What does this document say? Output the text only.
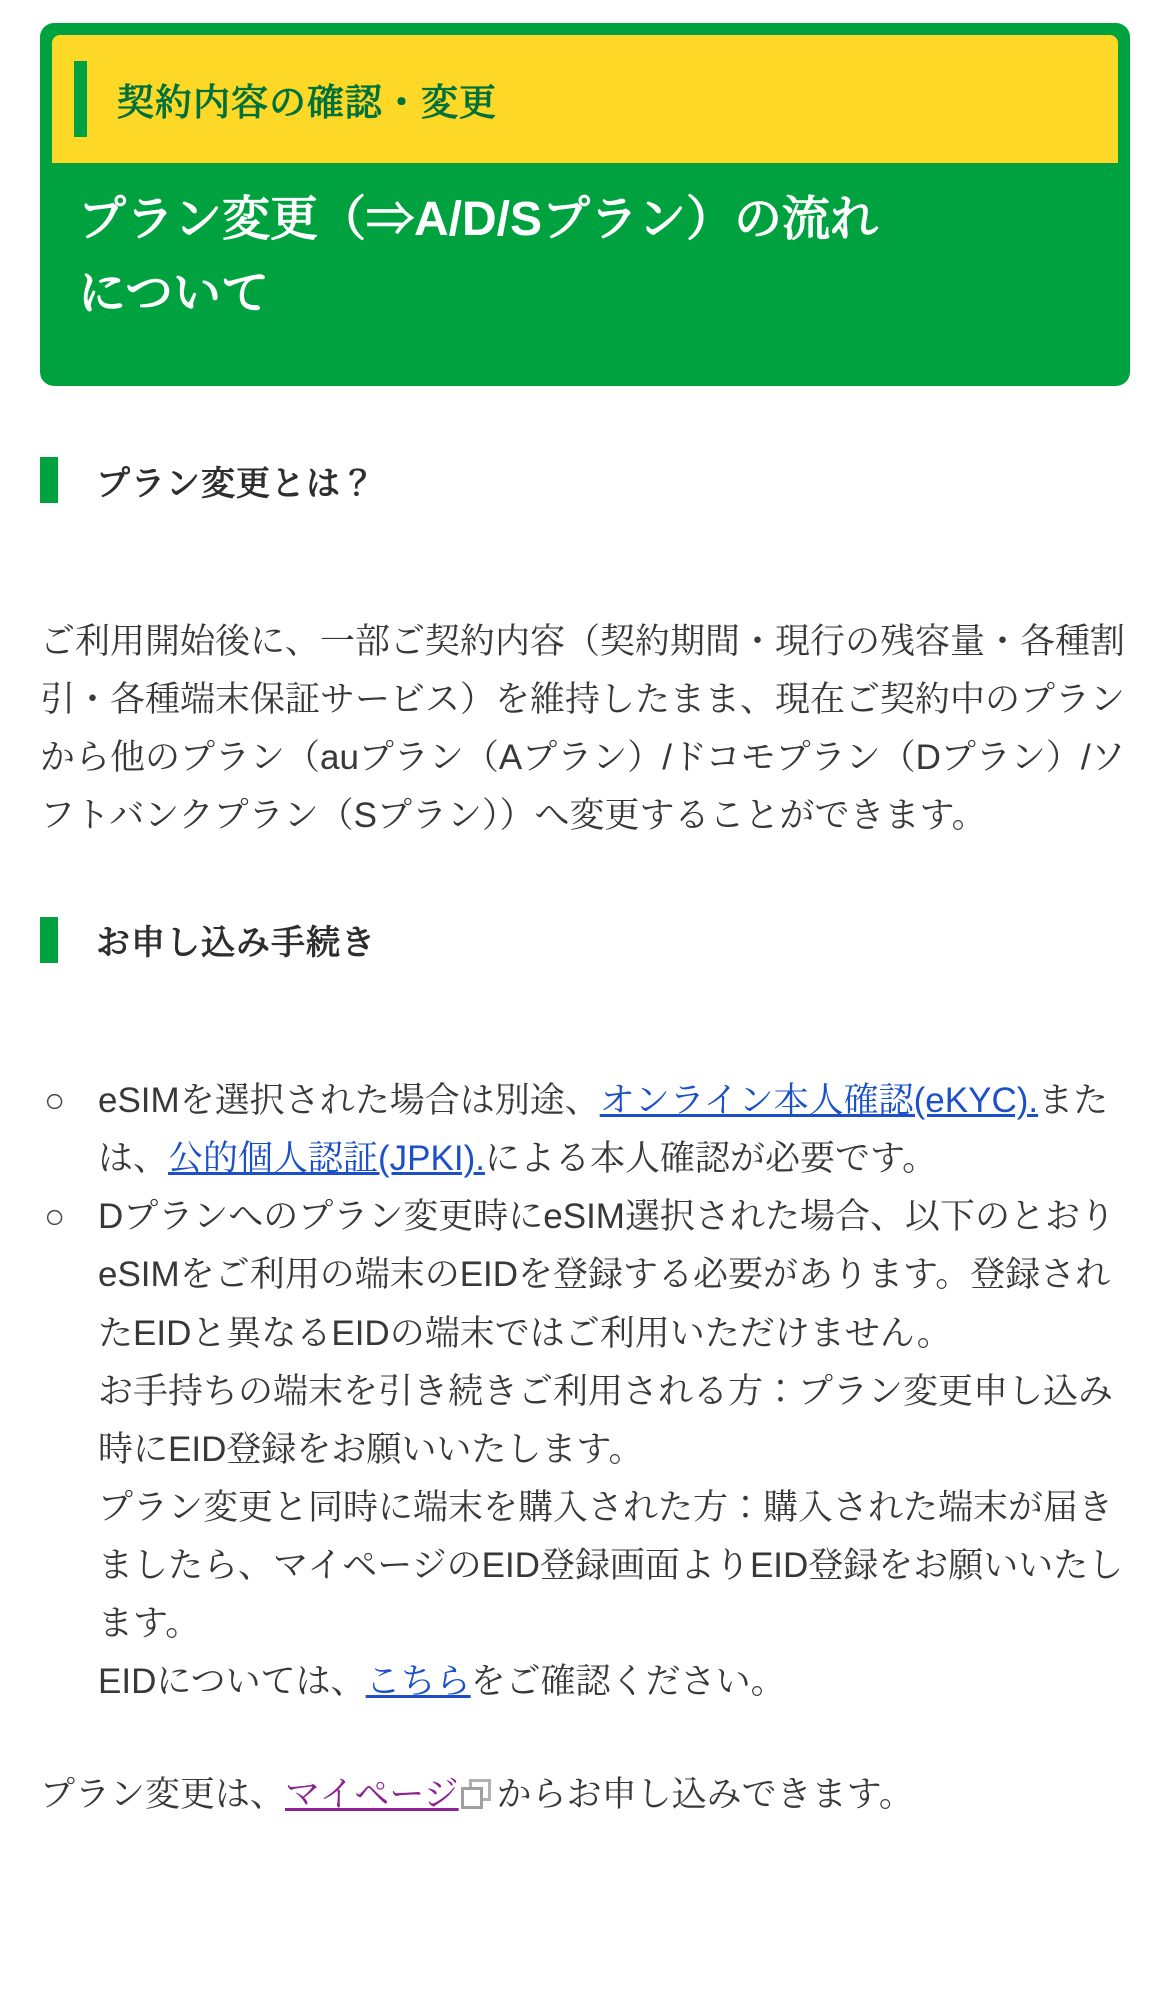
契約内容の確認・変更
プラン変更（⇒A/D/Sプラン）の流れについて
プラン変更とは？

ご利用開始後に、一部ご契約内容（契約期間・現行の残容量・各種割引・各種端末保証サービス）を維持したまま、現在ご契約中のプランから他のプラン（auプラン（Aプラン）/ドコモプラン（Dプラン）/ソフトバンクプラン（Sプラン））へ変更することができます。

お申し込み手続き
○ eSIMを選択された場合は別途、オンライン本人確認(eKYC).または、公的個人認証(JPKI).による本人確認が必要です。
○ Dプランへのプラン変更時にeSIM選択された場合、以下のとおりeSIMをご利用の端末のEIDを登録する必要があります。登録されたEIDと異なるEIDの端末ではご利用いただけません。
お手持ちの端末を引き続きご利用される方：プラン変更申し込み時にEID登録をお願いいたします。
プラン変更と同時に端末を購入された方：購入された端末が届きましたら、マイページのEID登録画面よりEID登録をお願いいたします。
EIDについては、こちらをご確認ください。

プラン変更は、マイページ からお申し込みできます。
